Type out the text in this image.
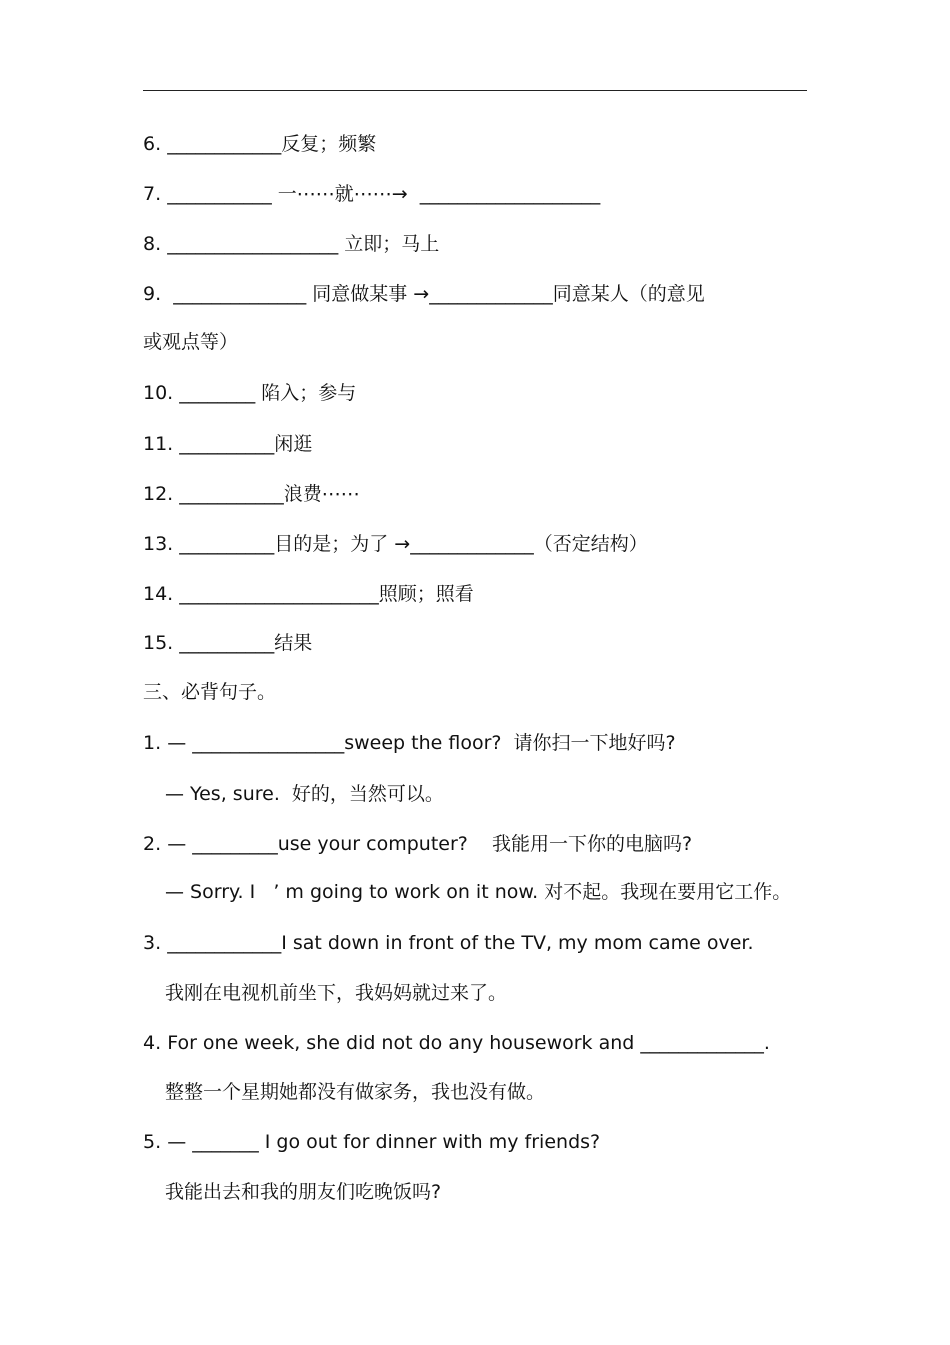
6. ____________反复；频繁
7. ___________ 一⋯⋯就⋯⋯→  ___________________
8. __________________ 立即；马上
9.  ______________ 同意做某事 →_____________同意某人（的意见
或观点等）
10. ________ 陷入；参与
11. __________闲逛
12. ___________浪费⋯⋯
13. __________目的是；为了 →_____________（否定结构）
14. _____________________照顾；照看
15. __________结果
三、必背句子。
1. — ________________sweep the floor?  请你扫一下地好吗?
— Yes, sure.  好的，当然可以。
2. — _________use your computer?    我能用一下你的电脑吗?
— Sorry. I   ’ m going to work on it now. 对不起。我现在要用它工作。
3. ____________I sat down in front of the TV, my mom came over.
我刚在电视机前坐下，我妈妈就过来了。
4. For one week, she did not do any housework and _____________.
整整一个星期她都没有做家务，我也没有做。
5. — _______ I go out for dinner with my friends?
我能出去和我的朋友们吃晚饭吗?
